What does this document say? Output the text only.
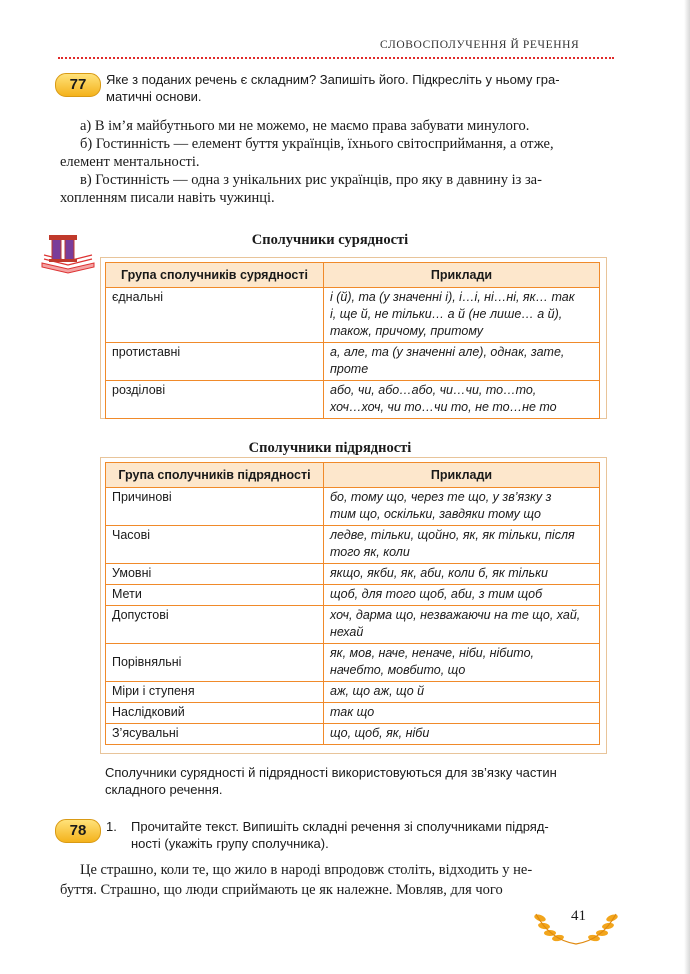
СЛОВОСПОЛУЧЕННЯ Й РЕЧЕННЯ
77	Яке з поданих речень є складним? Запишіть його. Підкресліть у ньому гра-
матичні основи.
а) В ім’я майбутнього ми не можемо, не маємо права забувати минулого.
б) Гостинність — елемент буття українців, їхнього світосприймання, а отже,
елемент ментальності.
в) Гостинність — одна з унікальних рис українців, про яку в давнину із за-
хопленням писали навіть чужинці.
Сполучники сурядності
Група сполучників сурядності	Приклади
єднальні	і (й), та (у значенні і), і…і, ні…ні, як… так
і, ще й, не тільки… а й (не лише… а й),
також, причому, притому

протиставні	а, але, та (у значенні але), однак, зате,
проте

розділові	або, чи, або…або, чи…чи, то…то,
хоч…хоч, чи то…чи то, не то…не то
Сполучники підрядності
Група сполучників підрядності	Приклади
Причинові	бо, тому що, через те що, у зв’язку з
тим що, оскільки, завдяки тому що

Часові	ледве, тільки, щойно, як, як тільки, після
того як, коли

Умовні	якщо, якби, як, аби, коли б, як тільки

Мети	щоб, для того щоб, аби, з тим щоб

Допустові	хоч, дарма що, незважаючи на те що, хай,
нехай

Порівняльні	як, мов, наче, неначе, ніби, нібито,
начебто, мовбито, що

Міри і ступеня	аж, що аж, що й

Наслідковий	так що

З’ясувальні	що, щоб, як, ніби
Сполучники сурядності й підрядності використовуються для зв’язку частин
складного речення.
78	1. Прочитайте текст. Випишіть складні речення зі сполучниками підряд-
ності (укажіть групу сполучника).
Це страшно, коли те, що жило в народі впродовж століть, відходить у не-
буття. Страшно, що люди сприймають це як належне. Мовляв, для чого
41
